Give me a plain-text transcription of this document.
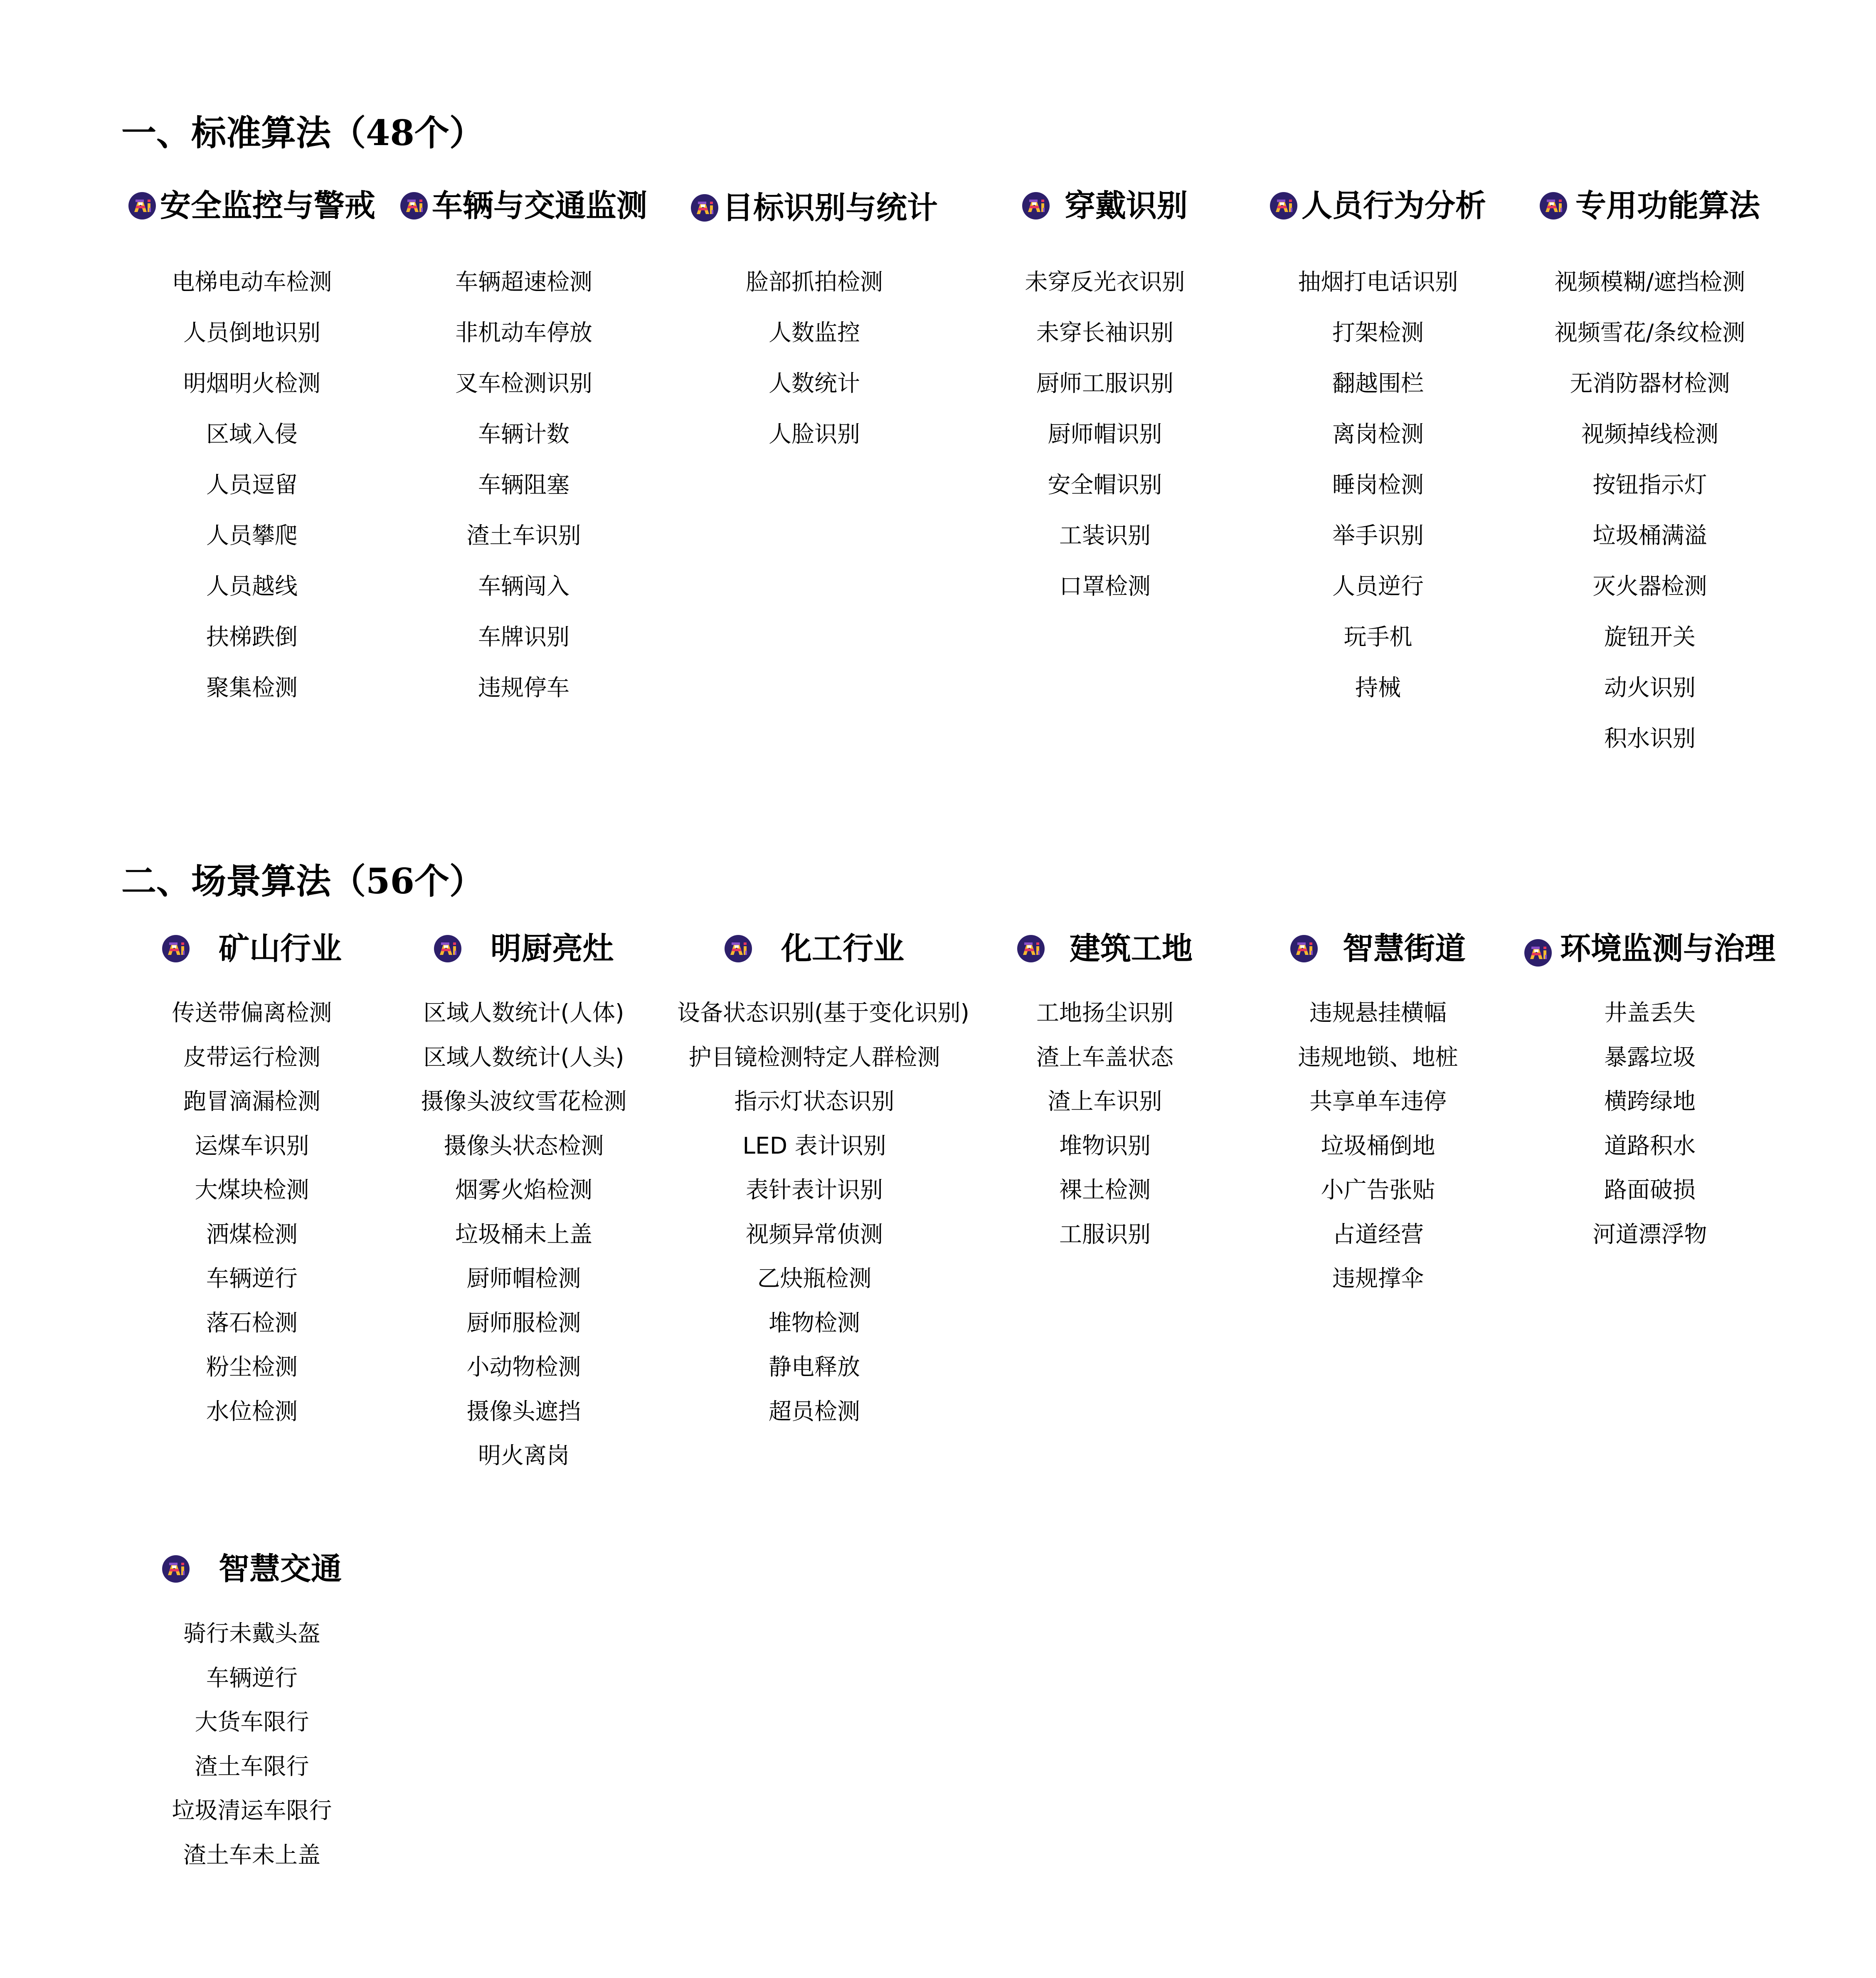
一、标准算法（48个）
安全监控与警戒
电梯电动车检测
人员倒地识别
明烟明火检测
区域入侵
人员逗留
人员攀爬
人员越线
扶梯跌倒
聚集检测
车辆与交通监测
车辆超速检测
非机动车停放
叉车检测识别
车辆计数
车辆阻塞
渣土车识别
车辆闯入
车牌识别
违规停车
目标识别与统计
脸部抓拍检测
人数监控
人数统计
人脸识别
穿戴识别
未穿反光衣识别
未穿长袖识别
厨师工服识别
厨师帽识别
安全帽识别
工装识别
口罩检测
人员行为分析
抽烟打电话识别
打架检测
翻越围栏
离岗检测
睡岗检测
举手识别
人员逆行
玩手机
持械
专用功能算法
视频模糊/遮挡检测
视频雪花/条纹检测
无消防器材检测
视频掉线检测
按钮指示灯
垃圾桶满溢
灭火器检测
旋钮开关
动火识别
积水识别
二、场景算法（56个）
矿山行业
传送带偏离检测
皮带运行检测
跑冒滴漏检测
运煤车识别
大煤块检测
洒煤检测
车辆逆行
落石检测
粉尘检测
水位检测
明厨亮灶
区域人数统计(人体)
区域人数统计(人头)
摄像头波纹雪花检测
摄像头状态检测
烟雾火焰检测
垃圾桶未上盖
厨师帽检测
厨师服检测
小动物检测
摄像头遮挡
明火离岗
化工行业
设备状态识别(基于变化识别)
护目镜检测特定人群检测
指示灯状态识别
LED 表计识别
表针表计识别
视频异常侦测
乙炔瓶检测
堆物检测
静电释放
超员检测
建筑工地
工地扬尘识别
渣上车盖状态
渣上车识别
堆物识别
裸土检测
工服识别
智慧街道
违规悬挂横幅
违规地锁、地桩
共享单车违停
垃圾桶倒地
小广告张贴
占道经营
违规撑伞
环境监测与治理
井盖丢失
暴露垃圾
横跨绿地
道路积水
路面破损
河道漂浮物
智慧交通
骑行未戴头盔
车辆逆行
大货车限行
渣土车限行
垃圾清运车限行
渣土车未上盖
